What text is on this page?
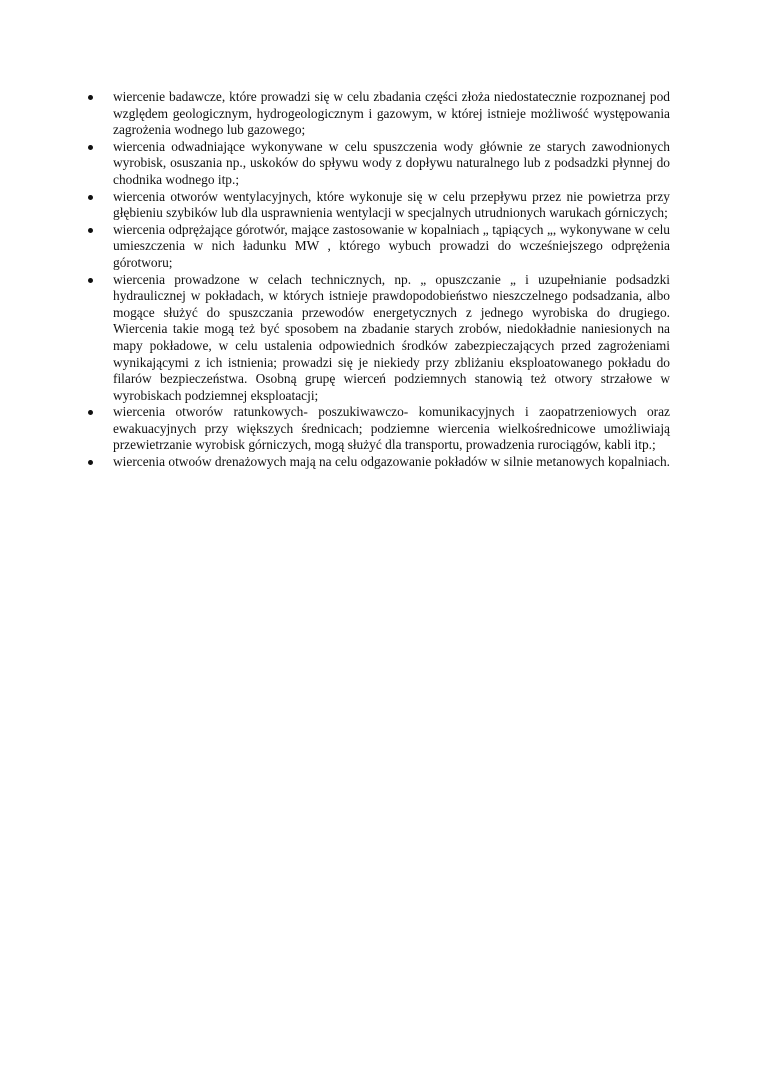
wiercenie badawcze, które prowadzi się w celu zbadania części złoża niedostatecznie rozpoznanej pod względem geologicznym, hydrogeologicznym i gazowym, w której istnieje możliwość występowania zagrożenia wodnego lub gazowego;
wiercenia odwadniające wykonywane w celu spuszczenia wody głównie ze starych zawodnionych wyrobisk, osuszania np., uskoków do spływu wody z dopływu naturalnego lub z podsadzki płynnej do chodnika wodnego itp.;
wiercenia otworów wentylacyjnych, które wykonuje się w celu przepływu przez nie powietrza przy głębieniu szybików lub dla usprawnienia wentylacji w specjalnych utrudnionych warukach górniczych;
wiercenia odprężające górotwór, mające zastosowanie w kopalniach „ tąpiących „, wykonywane w celu umieszczenia w nich ładunku MW , którego wybuch prowadzi do wcześniejszego odprężenia górotworu;
wiercenia prowadzone w celach technicznych, np. „ opuszczanie „ i uzupełnianie podsadzki hydraulicznej w pokładach, w których istnieje prawdopodobieństwo nieszczelnego podsadzania, albo mogące służyć do spuszczania przewodów energetycznych z jednego wyrobiska do drugiego. Wiercenia takie mogą też być sposobem na zbadanie starych zrobów, niedokładnie naniesionych na mapy pokładowe, w celu ustalenia odpowiednich środków zabezpieczających przed zagrożeniami wynikającymi z ich istnienia; prowadzi się je niekiedy przy zbliżaniu eksploatowanego pokładu do filarów bezpieczeństwa. Osobną grupę wierceń podziemnych stanowią też otwory strzałowe w wyrobiskach podziemnej eksploatacji;
wiercenia otworów ratunkowych- poszukiwawczo- komunikacyjnych i zaopatrzeniowych oraz ewakuacyjnych przy większych średnicach; podziemne wiercenia wielkośrednicowe umożliwiają przewietrzanie wyrobisk górniczych, mogą służyć dla transportu, prowadzenia rurociągów, kabli itp.;
wiercenia otwoów drenażowych mają na celu odgazowanie pokładów w silnie metanowych kopalniach.
